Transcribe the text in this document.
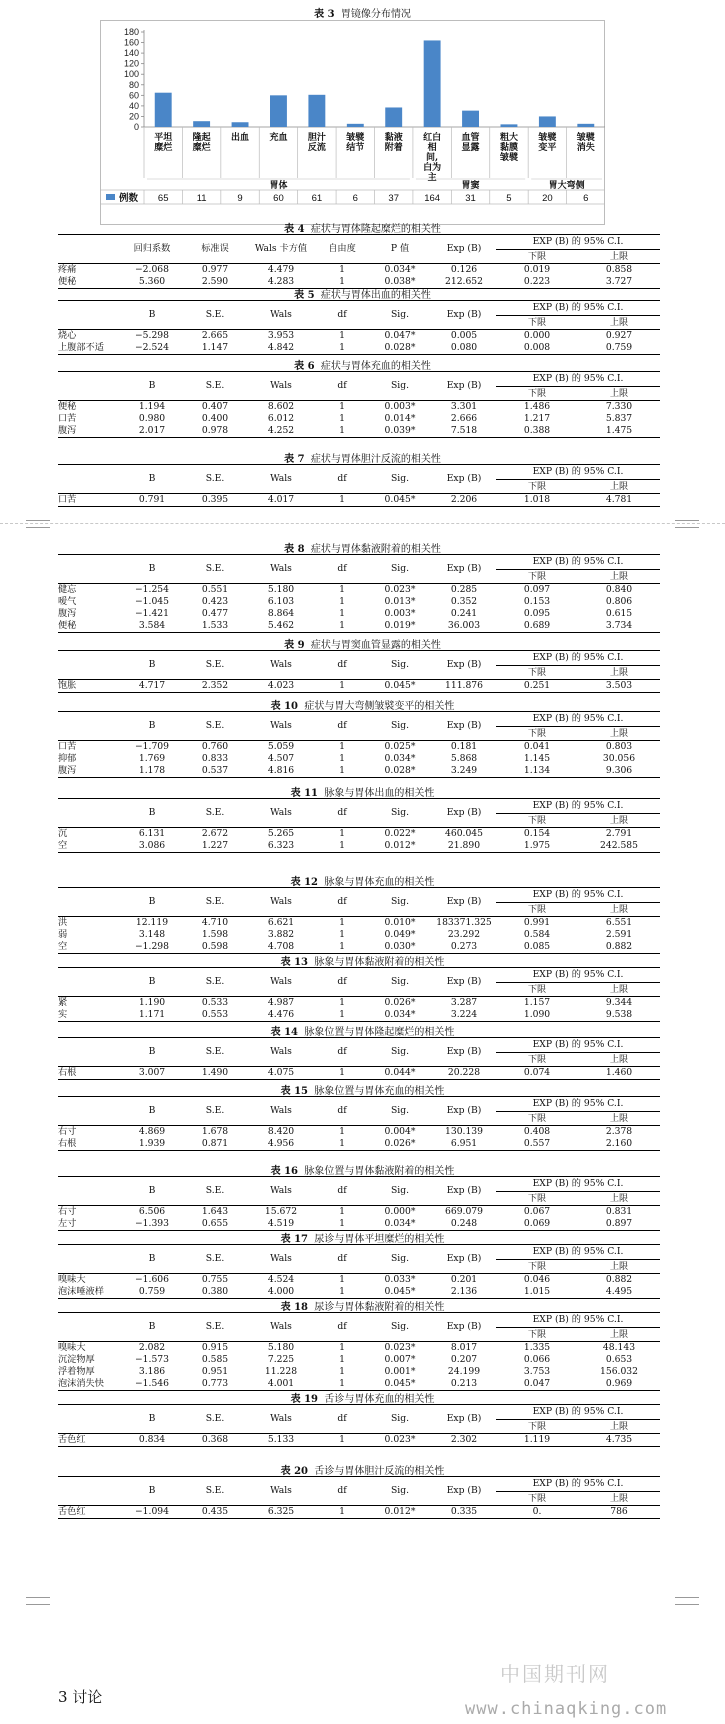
表 3 胃镜像分布情况
0
20
40
60
80
100
120
140
160
180
平坦
糜烂
隆起
糜烂
出血 充血 胆汁
反流
皱襞
结节
黏液
附着
红白
相
间,
白为
主
血管
显露
粗大
黏膜
皱襞
皱襞
变平
皱襞
消失
胃体	胃窦	胃大弯侧
例数 65	11	9	60	61	6	37	164	31	5	20	6
表 4 症状与胃体隆起糜烂的相关性
	回归系数	标准误	Wals 卡方值	自由度	P 值	Exp (B)	EXP (B) 的 95% C.I.	
							下限	上限
疼痛	−2.068	0.977	4.479	1	0.034*	0.126	0.019	0.858
便秘	5.360	2.590	4.283	1	0.038*	212.652	0.223	3.727
表 5 症状与胃体出血的相关性
	B	S.E.	Wals	df	Sig.	Exp (B)	EXP (B) 的 95% C.I.	
							下限	上限
烧心	−5.298	2.665	3.953	1	0.047*	0.005	0.000	0.927
上腹部不适	−2.524	1.147	4.842	1	0.028*	0.080	0.008	0.759
表 6 症状与胃体充血的相关性
	B	S.E.	Wals	df	Sig.	Exp (B)	EXP (B) 的 95% C.I.	
							下限	上限
便秘	1.194	0.407	8.602	1	0.003*	3.301	1.486	7.330
口苦	0.980	0.400	6.012	1	0.014*	2.666	1.217	5.837
腹泻	2.017	0.978	4.252	1	0.039*	7.518	0.388	1.475
表 7 症状与胃体胆汁反流的相关性
	B	S.E.	Wals	df	Sig.	Exp (B)	EXP (B) 的 95% C.I.	
							下限	上限
口苦	0.791	0.395	4.017	1	0.045*	2.206	1.018	4.781
表 8 症状与胃体黏液附着的相关性
	B	S.E.	Wals	df	Sig.	Exp (B)	EXP (B) 的 95% C.I.	
							下限	上限
健忘	−1.254	0.551	5.180	1	0.023*	0.285	0.097	0.840
嗳气	−1.045	0.423	6.103	1	0.013*	0.352	0.153	0.806
腹泻	−1.421	0.477	8.864	1	0.003*	0.241	0.095	0.615
便秘	3.584	1.533	5.462	1	0.019*	36.003	0.689	3.734
表 9 症状与胃窦血管显露的相关性
	B	S.E.	Wals	df	Sig.	Exp (B)	EXP (B) 的 95% C.I.	
							下限	上限
饱胀	4.717	2.352	4.023	1	0.045*	111.876	0.251	3.503
表 10 症状与胃大弯侧皱襞变平的相关性
	B	S.E.	Wals	df	Sig.	Exp (B)	EXP (B) 的 95% C.I.	
							下限	上限
口苦	−1.709	0.760	5.059	1	0.025*	0.181	0.041	0.803
抑郁	1.769	0.833	4.507	1	0.034*	5.868	1.145	30.056
腹泻	1.178	0.537	4.816	1	0.028*	3.249	1.134	9.306
表 11 脉象与胃体出血的相关性
	B	S.E.	Wals	df	Sig.	Exp (B)	EXP (B) 的 95% C.I.	
							下限	上限
沉	6.131	2.672	5.265	1	0.022*	460.045	0.154	2.791
空	3.086	1.227	6.323	1	0.012*	21.890	1.975	242.585
表 12 脉象与胃体充血的相关性
	B	S.E.	Wals	df	Sig.	Exp (B)	EXP (B) 的 95% C.I.	
							下限	上限
洪	12.119	4.710	6.621	1	0.010*	183371.325	0.991	6.551
弱	3.148	1.598	3.882	1	0.049*	23.292	0.584	2.591
空	−1.298	0.598	4.708	1	0.030*	0.273	0.085	0.882
表 13 脉象与胃体黏液附着的相关性
	B	S.E.	Wals	df	Sig.	Exp (B)	EXP (B) 的 95% C.I.	
							下限	上限
紧	1.190	0.533	4.987	1	0.026*	3.287	1.157	9.344
实	1.171	0.553	4.476	1	0.034*	3.224	1.090	9.538
表 14 脉象位置与胃体隆起糜烂的相关性
	B	S.E.	Wals	df	Sig.	Exp (B)	EXP (B) 的 95% C.I.	
							下限	上限
右根	3.007	1.490	4.075	1	0.044*	20.228	0.074	1.460
表 15 脉象位置与胃体充血的相关性
	B	S.E.	Wals	df	Sig.	Exp (B)	EXP (B) 的 95% C.I.	
							下限	上限
右寸	4.869	1.678	8.420	1	0.004*	130.139	0.408	2.378
右根	1.939	0.871	4.956	1	0.026*	6.951	0.557	2.160
表 16 脉象位置与胃体黏液附着的相关性
	B	S.E.	Wals	df	Sig.	Exp (B)	EXP (B) 的 95% C.I.	
							下限	上限
右寸	6.506	1.643	15.672	1	0.000*	669.079	0.067	0.831
左寸	−1.393	0.655	4.519	1	0.034*	0.248	0.069	0.897
表 17 尿诊与胃体平坦糜烂的相关性
	B	S.E.	Wals	df	Sig.	Exp (B)	EXP (B) 的 95% C.I.	
							下限	上限
嗅味大	−1.606	0.755	4.524	1	0.033*	0.201	0.046	0.882
泡沫唾液样	0.759	0.380	4.000	1	0.045*	2.136	1.015	4.495
表 18 尿诊与胃体黏液附着的相关性
	B	S.E.	Wals	df	Sig.	Exp (B)	EXP (B) 的 95% C.I.	
							下限	上限
嗅味大	2.082	0.915	5.180	1	0.023*	8.017	1.335	48.143
沉淀物厚	−1.573	0.585	7.225	1	0.007*	0.207	0.066	0.653
浮着物厚	3.186	0.951	11.228	1	0.001*	24.199	3.753	156.032
泡沫消失快	−1.546	0.773	4.001	1	0.045*	0.213	0.047	0.969
表 19 舌诊与胃体充血的相关性
	B	S.E.	Wals	df	Sig.	Exp (B)	EXP (B) 的 95% C.I.	
							下限	上限
舌色红	0.834	0.368	5.133	1	0.023*	2.302	1.119	4.735
表 20 舌诊与胃体胆汁反流的相关性
	B	S.E.	Wals	df	Sig.	Exp (B)	EXP (B) 的 95% C.I.	
							下限	上限
舌色红	−1.094	0.435	6.325	1	0.012*	0.335	0.	786
3 讨论
中国期刊网
www.chinaqking.com
